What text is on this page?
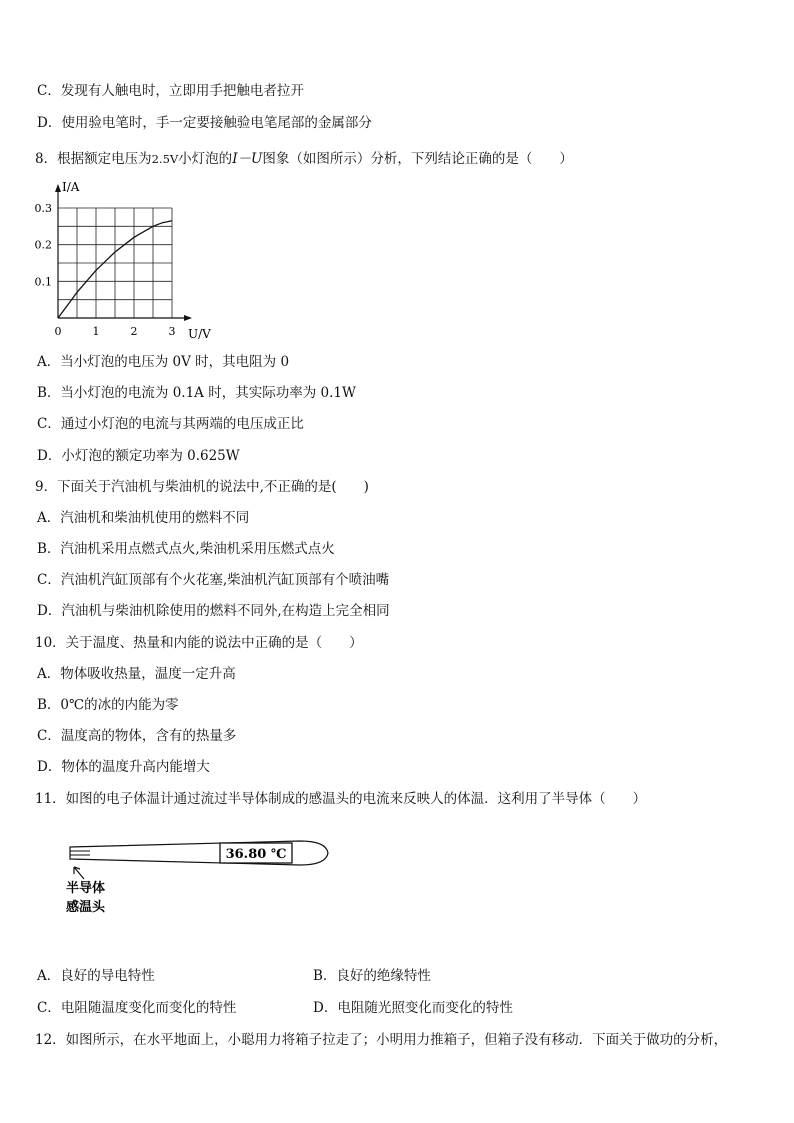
C．发现有人触电时，立即用手把触电者拉开
D．使用验电笔时，手一定要接触验电笔尾部的金属部分
8．根据额定电压为2.5V小灯泡的I－U图象（如图所示）分析，下列结论正确的是（　　）
0	1	2	3
0.1
0.2
0.3
I/A
U/V
A．当小灯泡的电压为 0V 时，其电阻为 0
B．当小灯泡的电流为 0.1A 时，其实际功率为 0.1W
C．通过小灯泡的电流与其两端的电压成正比
D．小灯泡的额定功率为 0.625W
9．下面关于汽油机与柴油机的说法中,不正确的是(　　)
A．汽油机和柴油机使用的燃料不同
B．汽油机采用点燃式点火,柴油机采用压燃式点火
C．汽油机汽缸顶部有个火花塞,柴油机汽缸顶部有个喷油嘴
D．汽油机与柴油机除使用的燃料不同外,在构造上完全相同
10．关于温度、热量和内能的说法中正确的是（　　）
A．物体吸收热量，温度一定升高
B．0℃的冰的内能为零
C．温度高的物体，含有的热量多
D．物体的温度升高内能增大
11．如图的电子体温计通过流过半导体制成的感温头的电流来反映人的体温．这利用了半导体（　　）
36.80 ℃
半导体
感温头
A．良好的导电特性	B．良好的绝缘特性
C．电阻随温度变化而变化的特性	D．电阻随光照变化而变化的特性
12．如图所示，在水平地面上，小聪用力将箱子拉走了；小明用力推箱子，但箱子没有移动．下面关于做功的分析，
